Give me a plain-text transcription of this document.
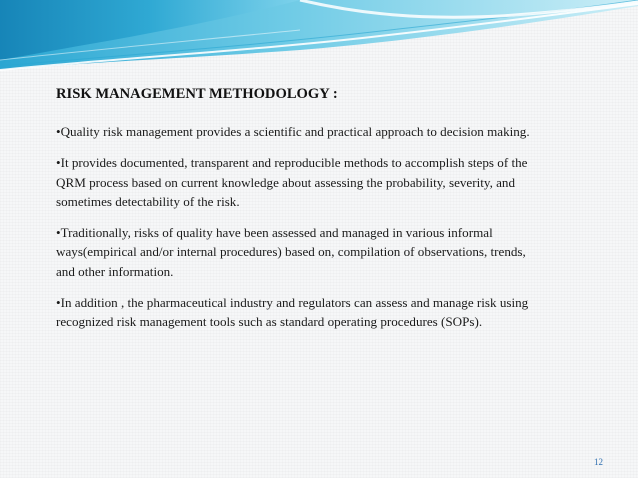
RISK MANAGEMENT METHODOLOGY :

•Quality risk management provides a scientific and practical approach to decision making.

•It provides documented, transparent and reproducible methods to accomplish steps of the
QRM process based on current knowledge about assessing the probability, severity, and
sometimes detectability of the risk.

•Traditionally, risks of quality have been assessed and managed in various informal
ways(empirical and/or internal procedures) based on, compilation of observations, trends,
and other information.

•In addition , the pharmaceutical industry and regulators can assess and manage risk using
recognized risk management tools such as standard operating procedures (SOPs).

12
